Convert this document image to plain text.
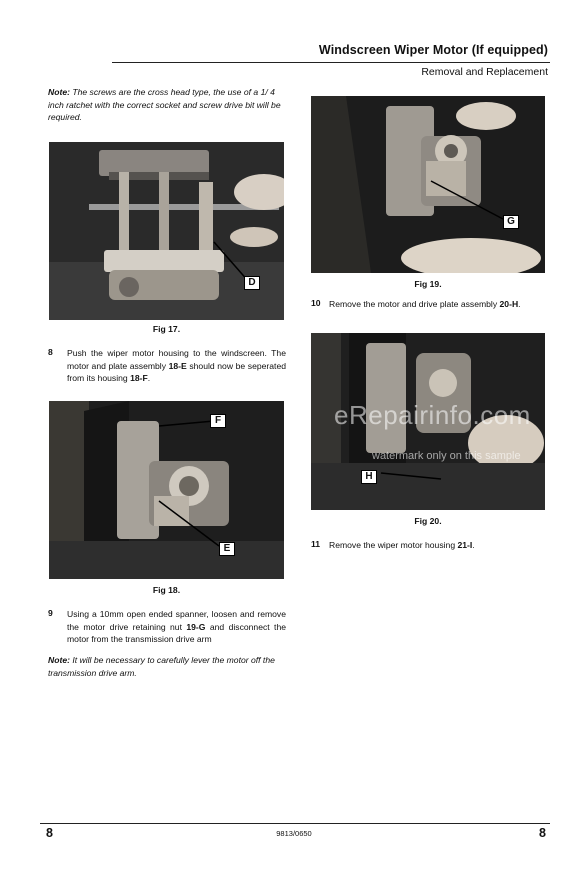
Windscreen Wiper Motor (If equipped)
Removal and Replacement
Note: The screws are the cross head type, the use of a 1/ 4 inch ratchet with the correct socket and screw drive bit will be required.
D
Fig 17.
8 Push the wiper motor housing to the windscreen. The motor and plate assembly 18-E should now be seperated from its housing 18-F.
F
E
Fig 18.
9 Using a 10mm open ended spanner, loosen and remove the motor drive retaining nut 19-G and disconnect the motor from the transmission drive arm
Note: It will be necessary to carefully lever the motor off the transmission drive arm.
G
Fig 19.
10 Remove the motor and drive plate assembly 20-H.
H
Fig 20.
eRepairinfo.com
watermark only on this sample
11 Remove the wiper motor housing 21-I.
8	9813/0650	8
